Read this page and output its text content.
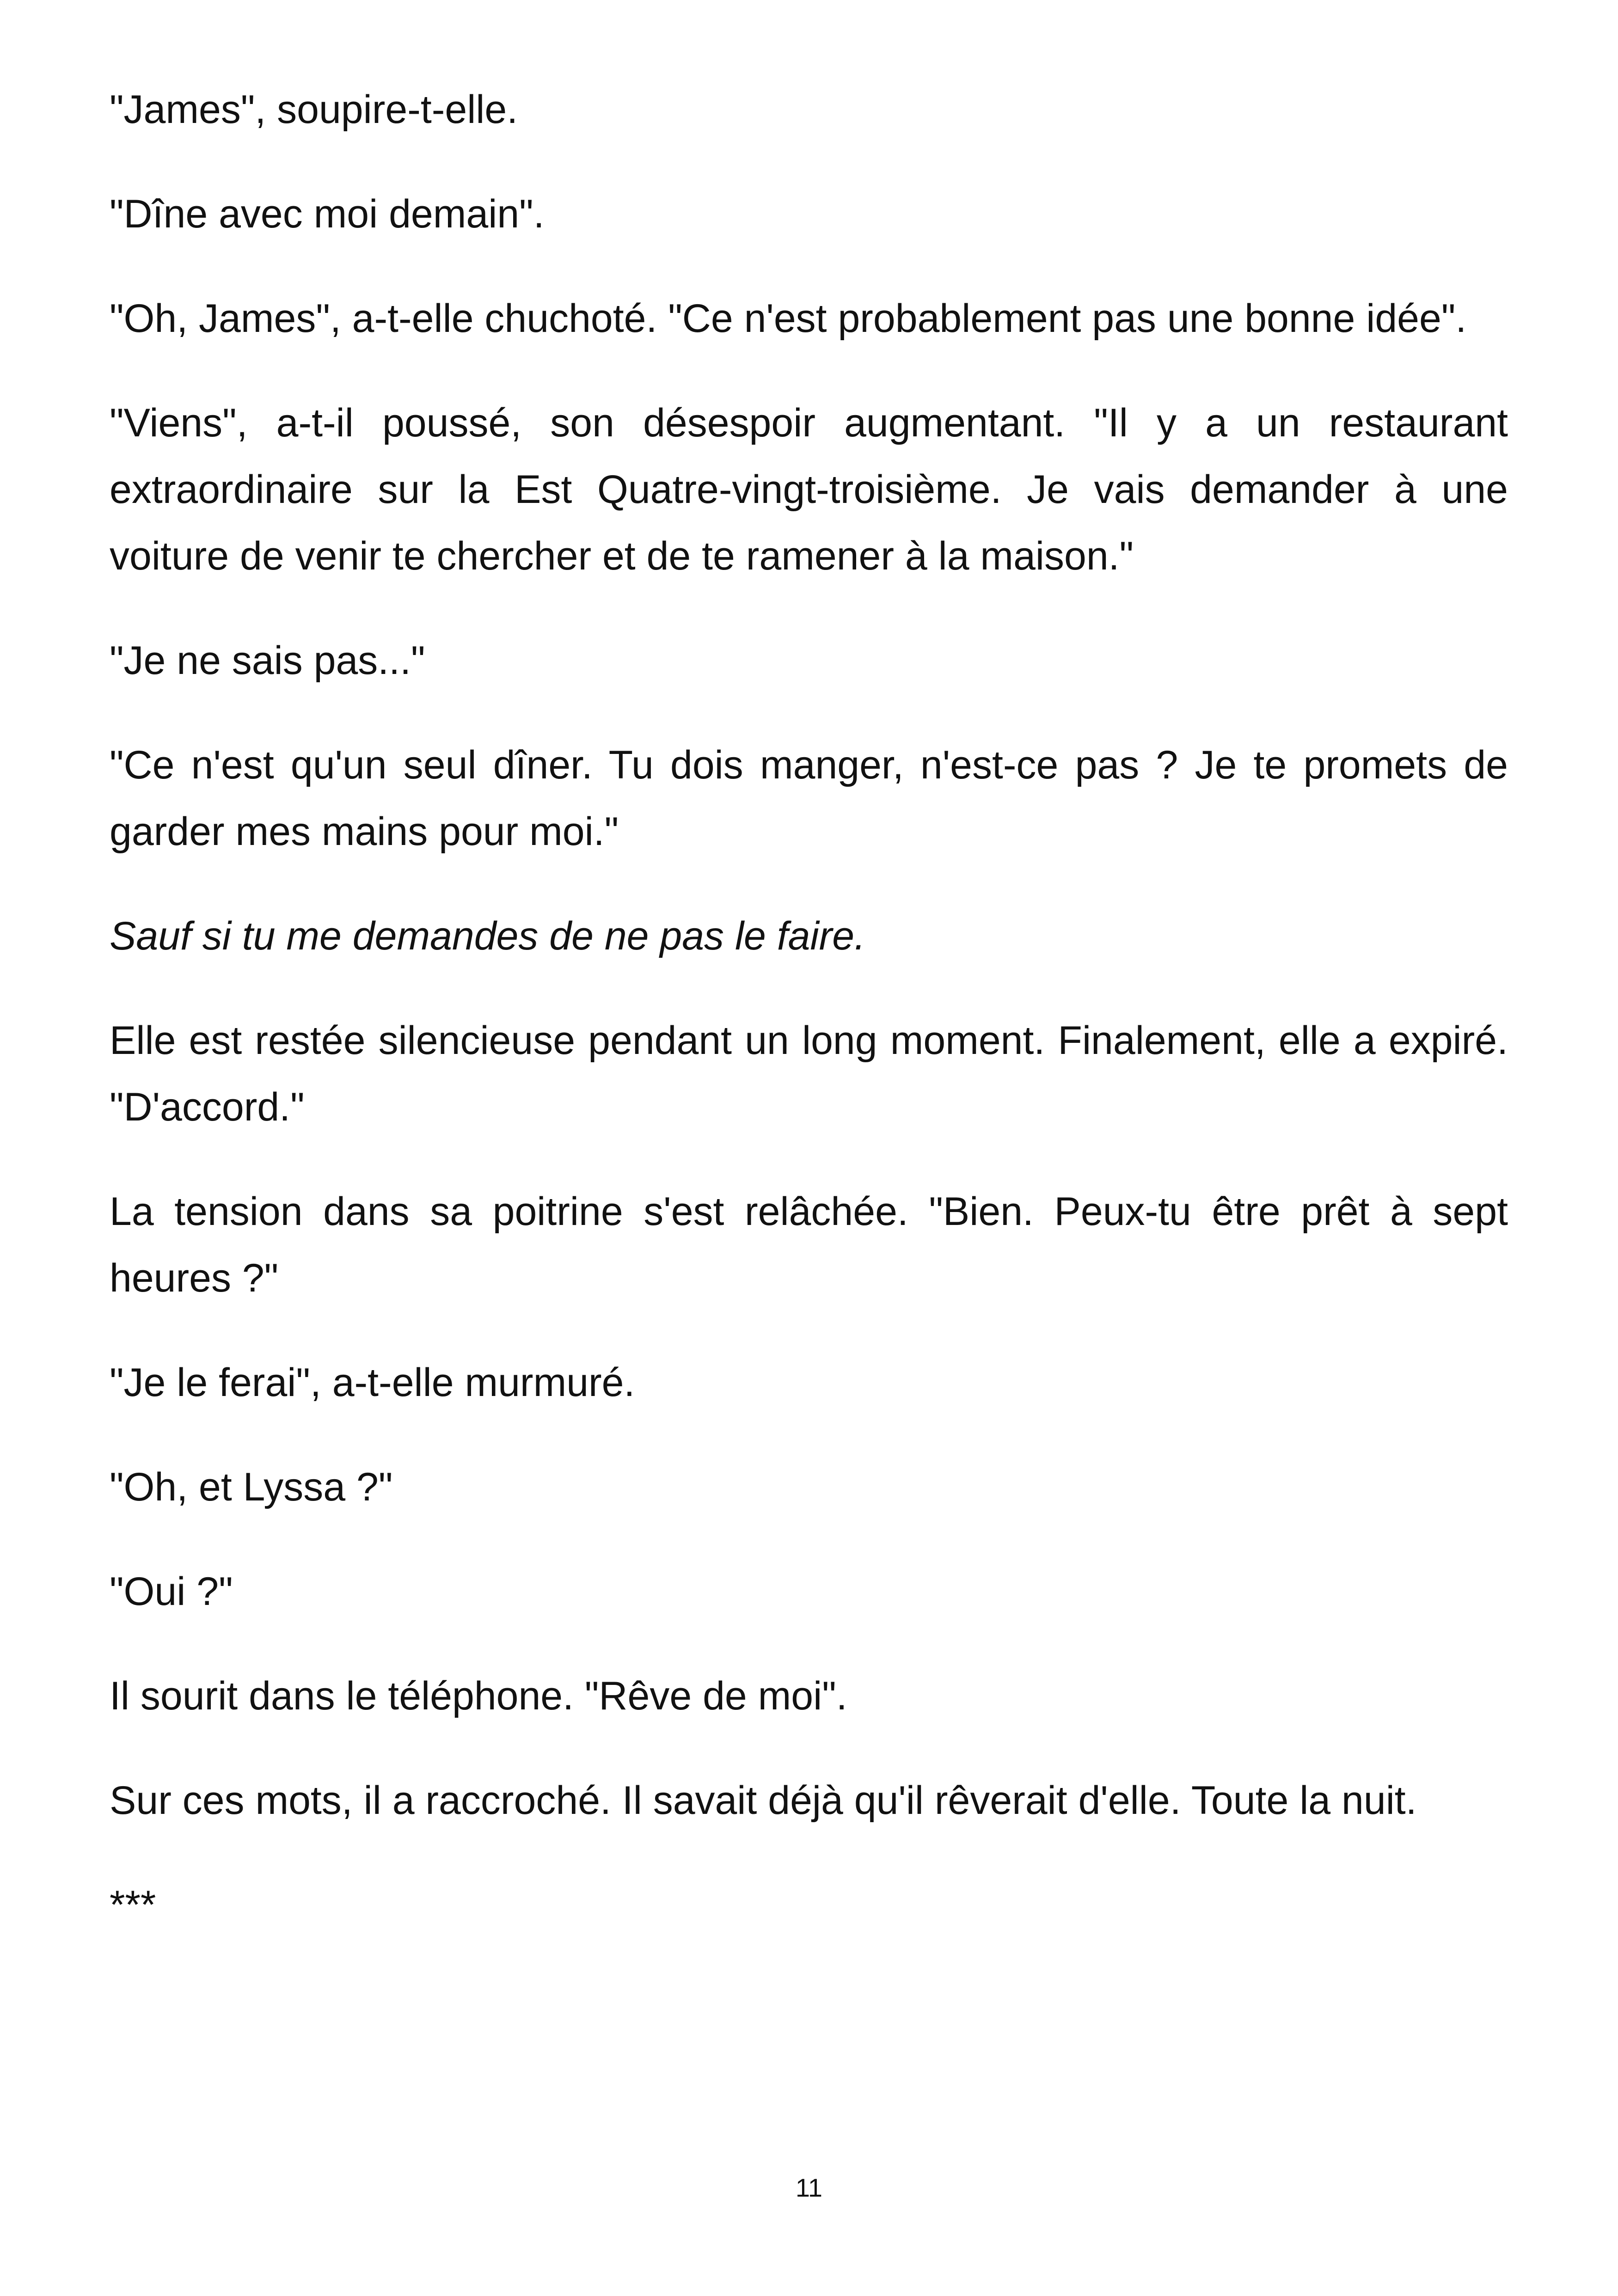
"James", soupire-t-elle.

"Dîne avec moi demain".

"Oh, James", a-t-elle chuchoté. "Ce n'est probablement pas une bonne idée".

"Viens", a-t-il poussé, son désespoir augmentant. "Il y a un restaurant extraordinaire sur la Est Quatre-vingt-troisième. Je vais demander à une voiture de venir te chercher et de te ramener à la maison."

"Je ne sais pas..."

"Ce n'est qu'un seul dîner. Tu dois manger, n'est-ce pas ? Je te promets de garder mes mains pour moi."

Sauf si tu me demandes de ne pas le faire.

Elle est restée silencieuse pendant un long moment. Finalement, elle a expiré. "D'accord."

La tension dans sa poitrine s'est relâchée. "Bien. Peux-tu être prêt à sept heures ?"

"Je le ferai", a-t-elle murmuré.

"Oh, et Lyssa ?"

"Oui ?"

Il sourit dans le téléphone. "Rêve de moi".

Sur ces mots, il a raccroché. Il savait déjà qu'il rêverait d'elle. Toute la nuit.

***

11
